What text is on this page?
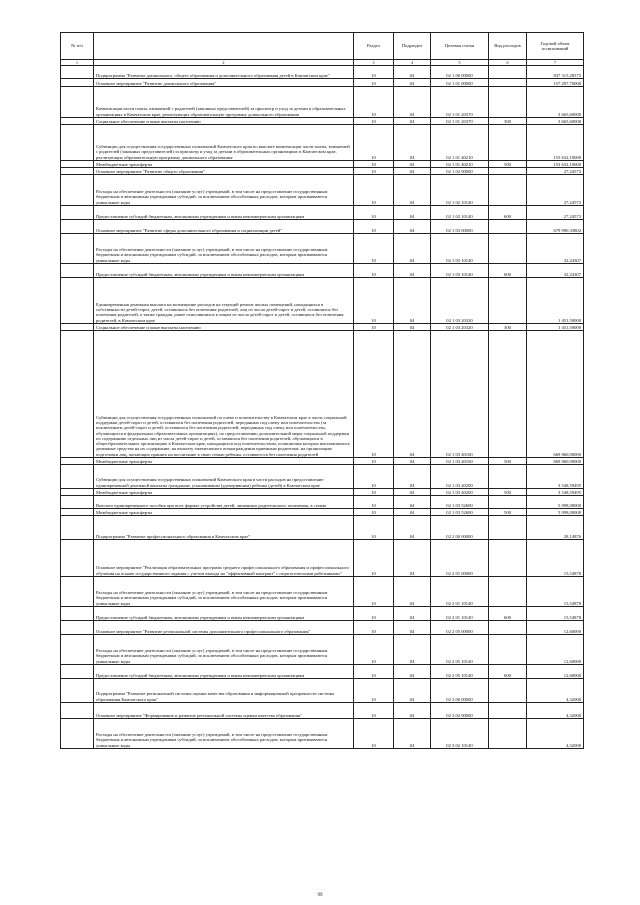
№ п/п		Раздел	Подраздел	Целевая статья	Вид расходов	Годовой объем ассигнований
1	2	3	4	5	6	7
	Подпрограмма "Развитие дошкольного, общего образования и дополнительного образования детей в Камчатском крае"	10	04	02 1 00 00000		837 315,28375
	Основное мероприятие "Развитие дошкольного образования"	10	04	02 1 01 00000		157 297,70000
	Компенсация части платы, взимаемой с родителей (законных представителей) за присмотр и уход за детьми в образовательных организациях в Камчатском крае, реализующих образовательную программу дошкольного образования	10	04	02 1 01 20370		3 665,60000
	Социальное обеспечение и иные выплаты населению	10	04	02 1 01 20370	300	3 665,60000
	Субвенции для осуществления государственных полномочий Камчатского края по выплате компенсации части платы, взимаемой с родителей (законных представителей) за присмотр и уход за детьми в образовательных организациях в Камчатском крае, реализующих образовательную программу дошкольного образования	10	04	02 1 01 40210		153 632,10000
	Межбюджетные трансферты	10	04	02 1 01 40210	500	153 632,10000
	Основное мероприятие "Развитие общего образования"	10	04	02 1 02 00000		27,24573
	Расходы на обеспечение деятельности (оказание услуг) учреждений, в том числе на предоставление государственным бюджетным и автономным учреждениям субсидий, за исключением обособленных расходов, которым присваиваются уникальные коды	10	04	02 1 02 10140		27,24573
	Предоставление субсидий бюджетным, автономным учреждениям и иным некоммерческим организациям	10	04	02 1 02 10140	600	27,24573
	Основное мероприятие "Развитие сферы дополнительного образования и социализации детей"	10	04	02 1 03 00000		679 990,33802
	Расходы на обеспечение деятельности (оказание услуг) учреждений, в том числе на предоставление государственным бюджетным и автономным учреждениям субсидий, за исключением обособленных расходов, которым присваиваются уникальные коды	10	04	02 1 03 10140		32,24307
	Предоставление субсидий бюджетным, автономным учреждениям и иным некоммерческим организациям	10	04	02 1 03 10140	600	32,24307
	Единовременная денежная выплата на возмещение расходов на текущий ремонт жилых помещений, находящихся в собственности детей-сирот, детей, оставшихся без попечения родителей, лиц из числа детей-сирот и детей, оставшихся без попечения родителей, а также граждан, ранее относившихся к лицам из числа детей-сирот и детей, оставшихся без попечения родителей, в Камчатском крае	10	04	02 1 03 20320		1 451,50000
	Социальное обеспечение и иные выплаты населению	10	04	02 1 03 20320	300	1 451,50000
	Субвенции для осуществления государственных полномочий по опеке и попечительству в Камчатском крае в части социальной поддержки детей-сирот и детей, оставшихся без попечения родителей, переданных под опеку или попечительство (за исключением детей-сирот и детей, оставшихся без попечения родителей, переданных под опеку или попечительство, обучающихся в федеральных образовательных организациях), по предоставлению дополнительной меры социальной поддержки по содержанию отдельных лиц из числа детей-сирот и детей, оставшихся без попечения родителей, обучающихся в общеобразовательных организациях в Камчатском крае, находящихся под попечительством, полномочия которых выплачивались денежные средства на их содержание, на выплату ежемесячного вознаграждения приемным родителям, на организацию подготовки лиц, желающих принять на воспитание в свою семью ребенка, оставшегося без попечения родителей	10	04	02 1 03 40160		669 860,00000
	Межбюджетные трансферты	10	04	02 1 03 40160	500	669 860,00000
	Субвенции для осуществления государственных полномочий Камчатского края в части расходов на предоставление единовременной денежной выплаты гражданам, усыновившим (удочерившим) ребенка (детей) в Камчатском крае	10	04	02 1 03 40200		3 548,59495
	Межбюджетные трансферты	10	04	02 1 03 40200	500	3 548,59495
	Выплата единовременного пособия при всех формах устройства детей, лишенных родительского попечения, в семью	10	04	02 1 03 52600		5 098,00000
	Межбюджетные трансферты	10	04	02 1 03 52600	500	5 098,00000
	Подпрограмма "Развитие профессионального образования в Камчатском крае"	10	04	02 2 00 00000		28,14876
	Основное мероприятие "Реализация образовательных программ среднего профессионального образования и профессионального обучения на основе государственного задания с учетом выхода на "эффективный контракт" с педагогическими работниками"	10	04	02 2 01 00000		15,54878
	Расходы на обеспечение деятельности (оказание услуг) учреждений, в том числе на предоставление государственным бюджетным и автономным учреждениям субсидий, за исключением обособленных расходов, которым присваиваются уникальные коды	10	04	02 2 01 10140		15,54878
	Предоставление субсидий бюджетным, автономным учреждениям и иным некоммерческим организациям	10	04	02 2 01 10140	600	15,54878
	Основное мероприятие "Развитие региональной системы дополнительного профессионального образования"	10	04	02 2 05 00000		12,60000
	Расходы на обеспечение деятельности (оказание услуг) учреждений, в том числе на предоставление государственным бюджетным и автономным учреждениям субсидий, за исключением обособленных расходов, которым присваиваются уникальные коды	10	04	02 2 05 10140		12,60000
	Предоставление субсидий бюджетным, автономным учреждениям и иным некоммерческим организациям	10	04	02 2 05 10140	600	12,60000
	Подпрограмма "Развитие региональной системы оценки качества образования и информационной прозрачности системы образования Камчатского края"	10	04	02 3 00 00000		4,32000
	Основное мероприятие "Формирование и развитие региональной системы оценки качества образования"	10	04	02 3 02 00000		4,32000
	Расходы на обеспечение деятельности (оказание услуг) учреждений, в том числе на предоставление государственным бюджетным и автономным учреждениям субсидий, за исключением обособленных расходов, которым присваиваются уникальные коды	10	04	02 3 02 10140		4,32000
99
